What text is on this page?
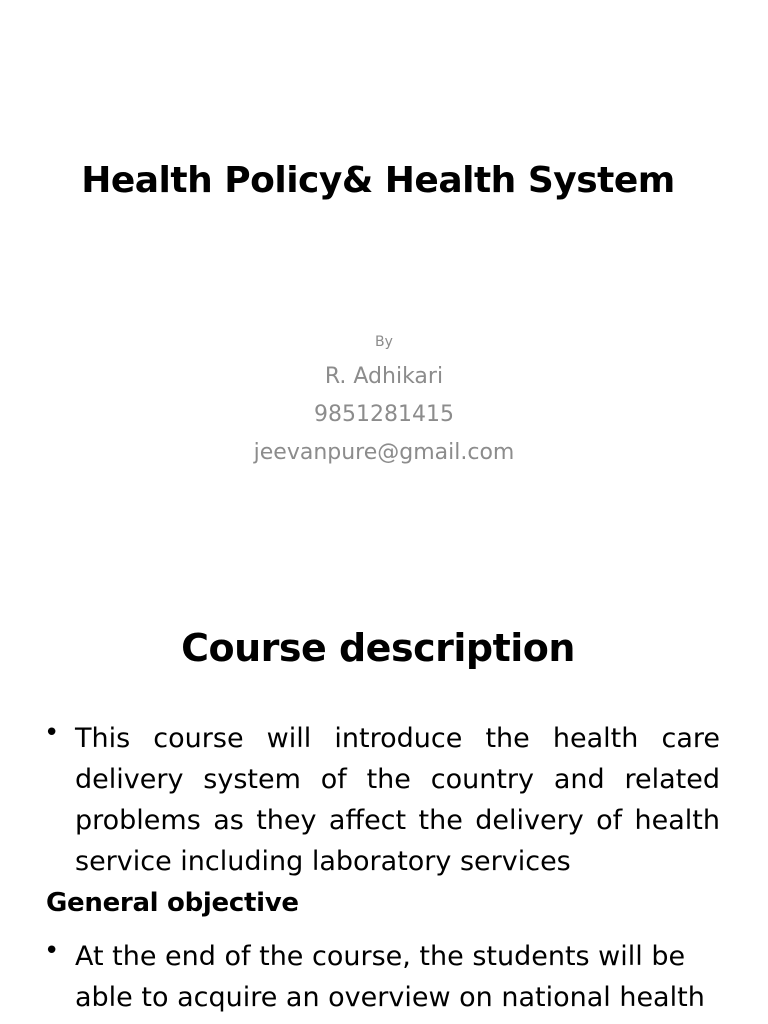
Health Policy& Health System
By
R. Adhikari
9851281415
jeevanpure@gmail.com
Course description
• This course will introduce the health care delivery system of the country and related problems as they affect the delivery of health service including laboratory services
General objective
• At the end of the course, the students will be able to acquire an overview on national health
